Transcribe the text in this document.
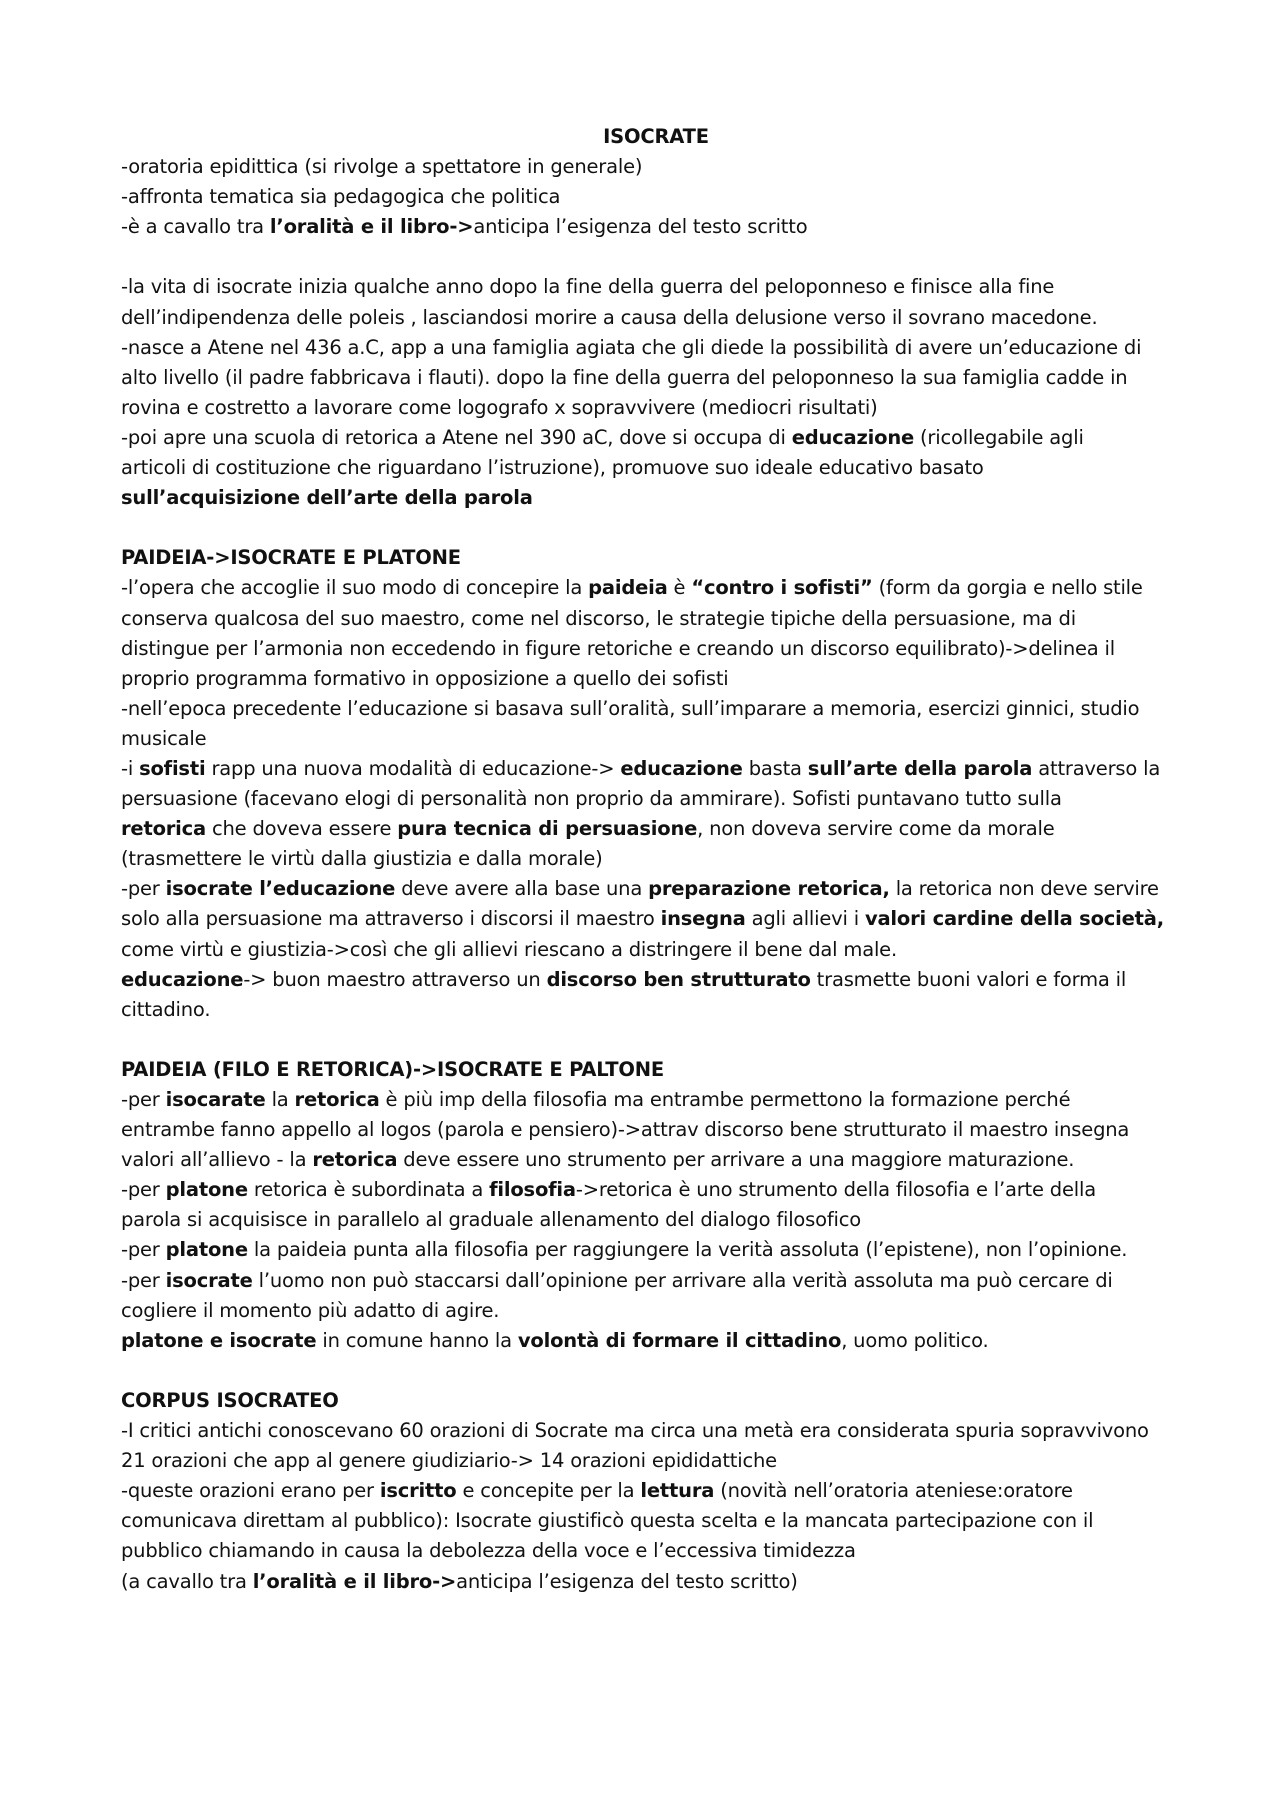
ISOCRATE
-oratoria epidittica (si rivolge a spettatore in generale)
-affronta tematica sia pedagogica che politica
-è a cavallo tra l’oralità e il libro->anticipa l’esigenza del testo scritto
-la vita di isocrate inizia qualche anno dopo la fine della guerra del peloponneso e finisce alla fine
dell’indipendenza delle poleis , lasciandosi morire a causa della delusione verso il sovrano macedone.
-nasce a Atene nel 436 a.C, app a una famiglia agiata che gli diede la possibilità di avere un’educazione di
alto livello (il padre fabbricava i flauti). dopo la fine della guerra del peloponneso la sua famiglia cadde in
rovina e costretto a lavorare come logografo x sopravvivere (mediocri risultati)
-poi apre una scuola di retorica a Atene nel 390 aC, dove si occupa di educazione (ricollegabile agli
articoli di costituzione che riguardano l’istruzione), promuove suo ideale educativo basato
sull’acquisizione dell’arte della parola
PAIDEIA->ISOCRATE E PLATONE
-l’opera che accoglie il suo modo di concepire la paideia è “contro i sofisti” (form da gorgia e nello stile
conserva qualcosa del suo maestro, come nel discorso, le strategie tipiche della persuasione, ma di
distingue per l’armonia non eccedendo in figure retoriche e creando un discorso equilibrato)->delinea il
proprio programma formativo in opposizione a quello dei sofisti
-nell’epoca precedente l’educazione si basava sull’oralità, sull’imparare a memoria, esercizi ginnici, studio
musicale
-i sofisti rapp una nuova modalità di educazione-> educazione basta sull’arte della parola attraverso la
persuasione (facevano elogi di personalità non proprio da ammirare). Sofisti puntavano tutto sulla
retorica che doveva essere pura tecnica di persuasione, non doveva servire come da morale
(trasmettere le virtù dalla giustizia e dalla morale)
-per isocrate l’educazione deve avere alla base una preparazione retorica, la retorica non deve servire
solo alla persuasione ma attraverso i discorsi il maestro insegna agli allievi i valori cardine della società,
come virtù e giustizia->così che gli allievi riescano a distringere il bene dal male.
educazione-> buon maestro attraverso un discorso ben strutturato trasmette buoni valori e forma il
cittadino.
PAIDEIA (FILO E RETORICA)->ISOCRATE E PALTONE
-per isocarate la retorica è più imp della filosofia ma entrambe permettono la formazione perché
entrambe fanno appello al logos (parola e pensiero)->attrav discorso bene strutturato il maestro insegna
valori all’allievo - la retorica deve essere uno strumento per arrivare a una maggiore maturazione.
-per platone retorica è subordinata a filosofia->retorica è uno strumento della filosofia e l’arte della
parola si acquisisce in parallelo al graduale allenamento del dialogo filosofico
-per platone la paideia punta alla filosofia per raggiungere la verità assoluta (l’epistene), non l’opinione.
-per isocrate l’uomo non può staccarsi dall’opinione per arrivare alla verità assoluta ma può cercare di
cogliere il momento più adatto di agire.
platone e isocrate in comune hanno la volontà di formare il cittadino, uomo politico.
CORPUS ISOCRATEO
-I critici antichi conoscevano 60 orazioni di Socrate ma circa una metà era considerata spuria sopravvivono
21 orazioni che app al genere giudiziario-> 14 orazioni epididattiche
-queste orazioni erano per iscritto e concepite per la lettura (novità nell’oratoria ateniese:oratore
comunicava direttam al pubblico): Isocrate giustificò questa scelta e la mancata partecipazione con il
pubblico chiamando in causa la debolezza della voce e l’eccessiva timidezza
(a cavallo tra l’oralità e il libro->anticipa l’esigenza del testo scritto)
